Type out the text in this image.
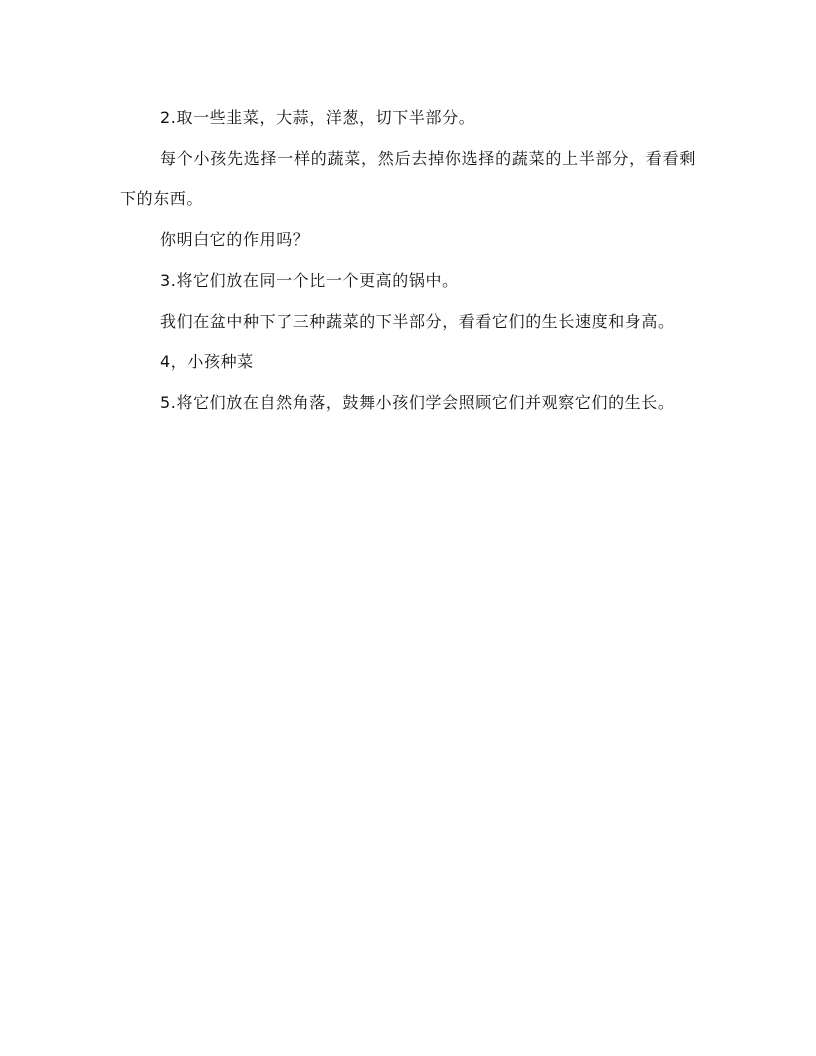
2.取一些韭菜，大蒜，洋葱，切下半部分。

每个小孩先选择一样的蔬菜，然后去掉你选择的蔬菜的上半部分，看看剩下的东西。

你明白它的作用吗？

3.将它们放在同一个比一个更高的锅中。

我们在盆中种下了三种蔬菜的下半部分，看看它们的生长速度和身高。

4，小孩种菜

5.将它们放在自然角落，鼓舞小孩们学会照顾它们并观察它们的生长。
